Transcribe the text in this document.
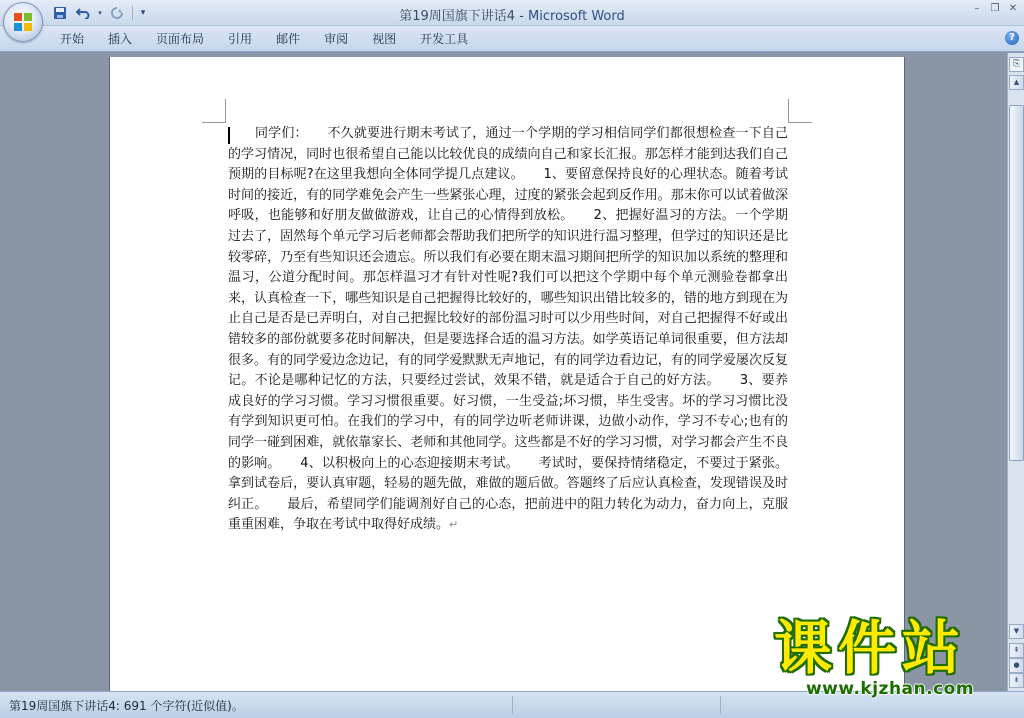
▾	▾	第19周国旗下讲话4 - Microsoft Word
–	❐ ✕
开始	插入	页面布局	引用	邮件	审阅	视图	开发工具	?
同学们：　　不久就要进行期末考试了，通过一个学期的学习相信同学们都很想检查一下自己的学习情况，同时也很希望自己能以比较优良的成绩向自己和家长汇报。那怎样才能到达我们自己预期的目标呢?在这里我想向全体同学提几点建议。　　1、要留意保持良好的心理状态。随着考试时间的接近，有的同学难免会产生一些紧张心理，过度的紧张会起到反作用。那末你可以试着做深呼吸，也能够和好朋友做做游戏，让自己的心情得到放松。　　2、把握好温习的方法。一个学期过去了，固然每个单元学习后老师都会帮助我们把所学的知识进行温习整理，但学过的知识还是比较零碎，乃至有些知识还会遗忘。所以我们有必要在期末温习期间把所学的知识加以系统的整理和温习，公道分配时间。那怎样温习才有针对性呢?我们可以把这个学期中每个单元测验卷都拿出来，认真检查一下，哪些知识是自己把握得比较好的，哪些知识出错比较多的，错的地方到现在为止自己是否是已弄明白，对自己把握比较好的部份温习时可以少用些时间，对自己把握得不好或出错较多的部份就要多花时间解决，但是要选择合适的温习方法。如学英语记单词很重要，但方法却很多。有的同学爱边念边记，有的同学爱默默无声地记，有的同学边看边记，有的同学爱屡次反复记。不论是哪种记忆的方法，只要经过尝试，效果不错，就是适合于自己的好方法。　　3、要养成良好的学习习惯。学习习惯很重要。好习惯，一生受益;坏习惯，毕生受害。坏的学习习惯比没有学到知识更可怕。在我们的学习中，有的同学边听老师讲课，边做小动作，学习不专心;也有的同学一碰到困难，就依靠家长、老师和其他同学。这些都是不好的学习习惯，对学习都会产生不良的影响。　　4、以积极向上的心态迎接期末考试。　　考试时，要保持情绪稳定，不要过于紧张。拿到试卷后，要认真审题，轻易的题先做，难做的题后做。答题终了后应认真检查，发现错误及时纠正。　　最后，希望同学们能调剂好自己的心态，把前进中的阻力转化为动力，奋力向上，克服重重困难，争取在考试中取得好成绩。↵
⎘
▲
▼
⇞
●
⇟
第19周国旗下讲话4: 691 个字符(近似值)。
课件站
www.kjzhan.com
